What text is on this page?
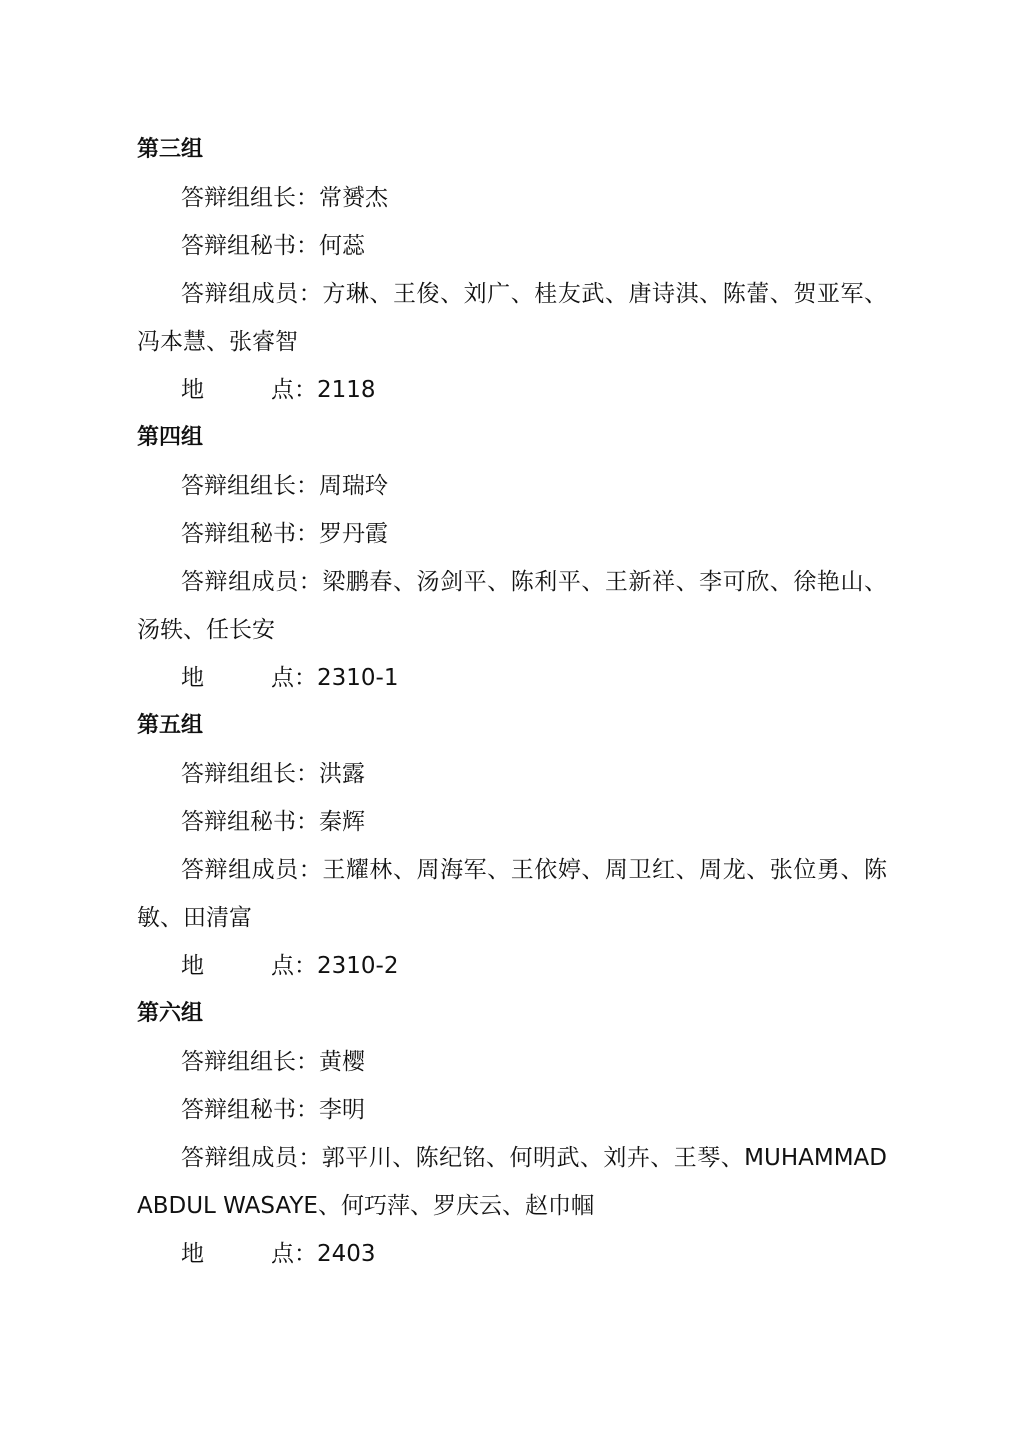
第三组

答辩组组长：常赟杰

答辩组秘书：何蕊

答辩组成员：方琳、王俊、刘广、桂友武、唐诗淇、陈蕾、贺亚军、冯本慧、张睿智

地	点：2118

第四组

答辩组组长：周瑞玲

答辩组秘书：罗丹霞

答辩组成员：梁鹏春、汤剑平、陈利平、王新祥、李可欣、徐艳山、汤轶、任长安

地	点：2310-1

第五组

答辩组组长：洪露

答辩组秘书：秦辉

答辩组成员：王耀林、周海军、王依婷、周卫红、周龙、张位勇、陈敏、田清富

地	点：2310-2

第六组

答辩组组长：黄樱

答辩组秘书：李明

答辩组成员：郭平川、陈纪铭、何明武、刘卉、王琴、MUHAMMAD ABDUL WASAYE、何巧萍、罗庆云、赵巾帼

地	点：2403
